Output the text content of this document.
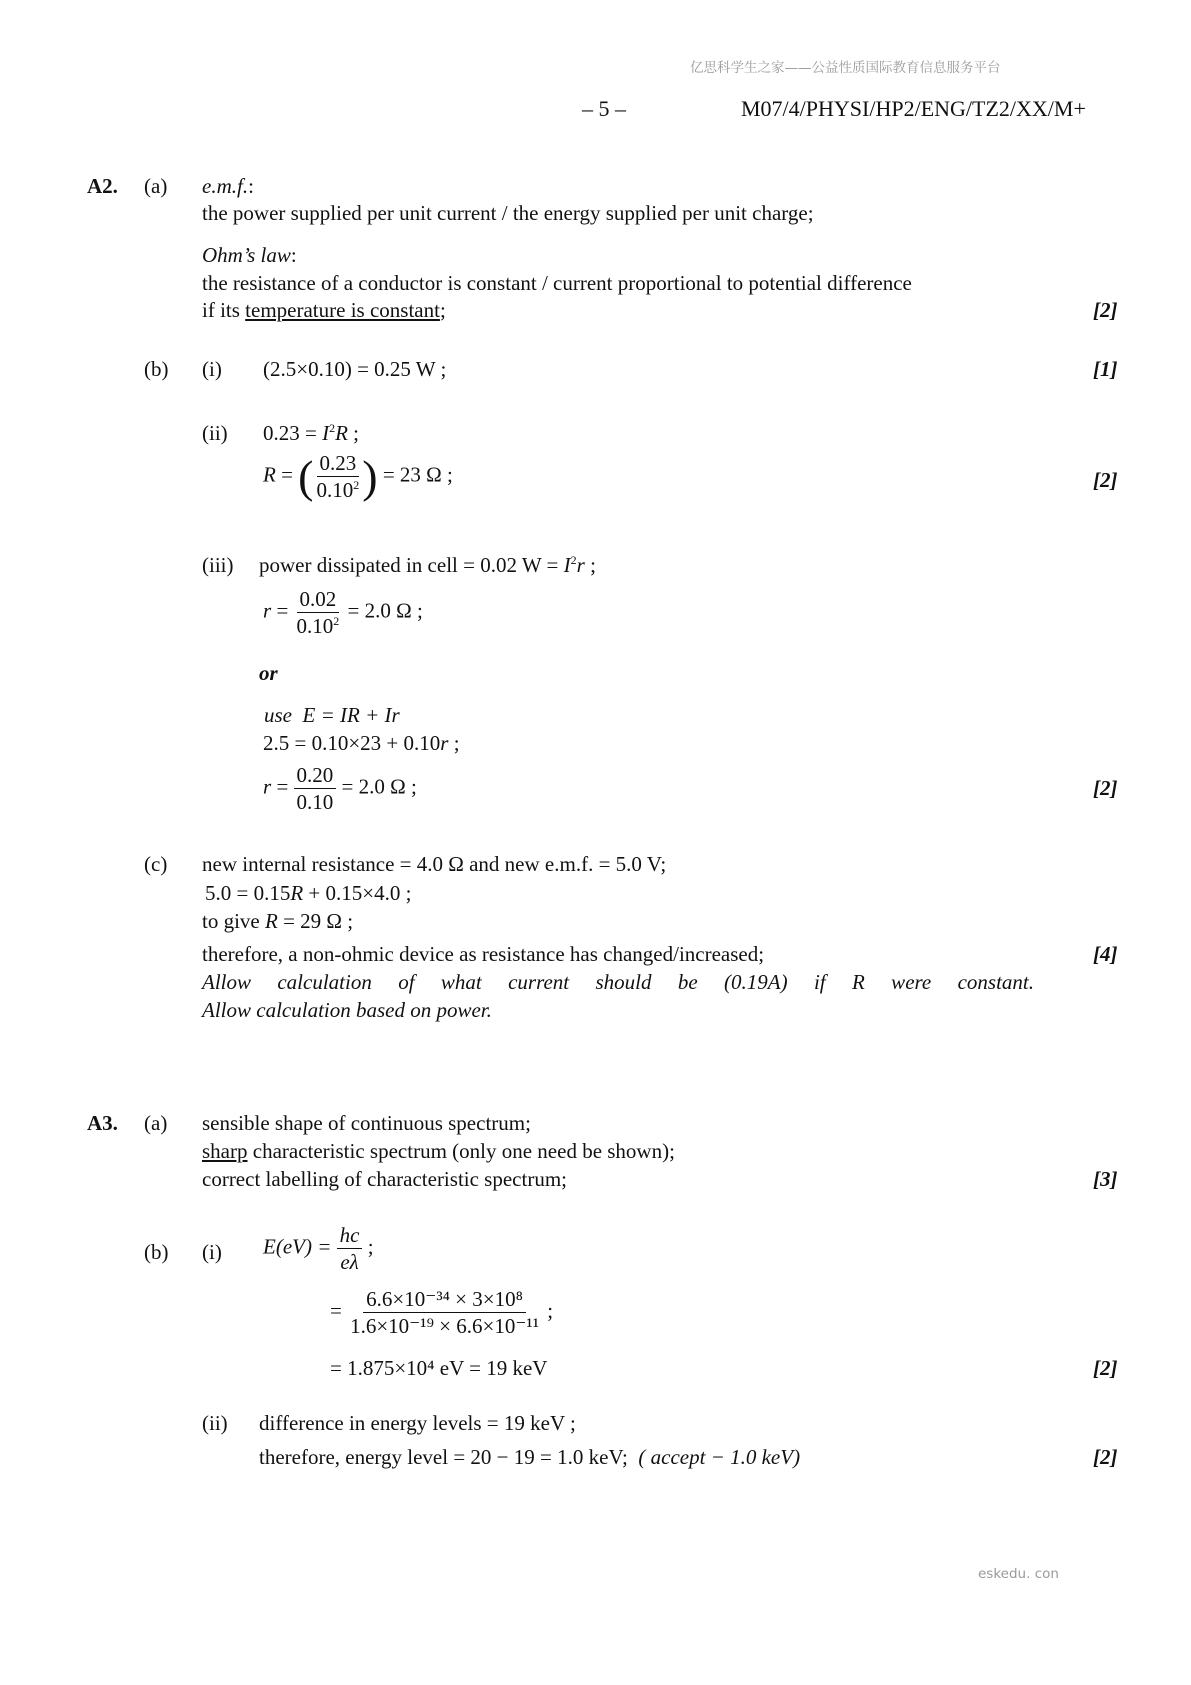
亿思科学生之家——公益性质国际教育信息服务平台
– 5 –	M07/4/PHYSI/HP2/ENG/TZ2/XX/M+
A2. (a) e.m.f.:
the power supplied per unit current / the energy supplied per unit charge;
Ohm’s law:
the resistance of a conductor is constant / current proportional to potential difference
if its temperature is constant;	[2]
(b) (i) (2.5×0.10) = 0.25 W ;	[1]
(ii) $0.23 = I^2R$ ;
R = ( $\frac{0.23}{0.10^2}$ ) = 23 Ω ;	[2]
(iii) power dissipated in cell = 0.02 $W = I^2r$ ;
$r = \frac{0.02}{0.10^2} = 2.0$ Ω ;
or
use E = IR + Ir
2.5 = 0.10×23 + 0.10r ;
$r = \frac{0.20}{0.10} = 2.0$ Ω ;	[2]
(c) new internal resistance = 4.0 Ω and new e.m.f. = 5.0 V;
5.0 = 0.15R + 0.15×4.0 ;
to give R = 29 Ω ;
therefore, a non-ohmic device as resistance has changed/increased;	[4]
Allow calculation of what current should be (0.19A) if R were constant.
Allow calculation based on power.
A3. (a) sensible shape of continuous spectrum;
sharp characteristic spectrum (only one need be shown);
correct labelling of characteristic spectrum;	[3]
(b) (i) $E(eV) = \frac{hc}{e\lambda}$ ;
= $\frac{\text{6.6×10⁻³⁴ × 3×10⁸}}{\text{1.6×10⁻¹⁹ × 6.6×10⁻¹¹}}$ ;
= 1.875×10⁴ eV = 19 keV	[2]
(ii) difference in energy levels = 19 keV ;
therefore, energy level = 20 − 19 = 1.0 keV; ( accept − 1.0 keV)	[2]
eskedu. con
